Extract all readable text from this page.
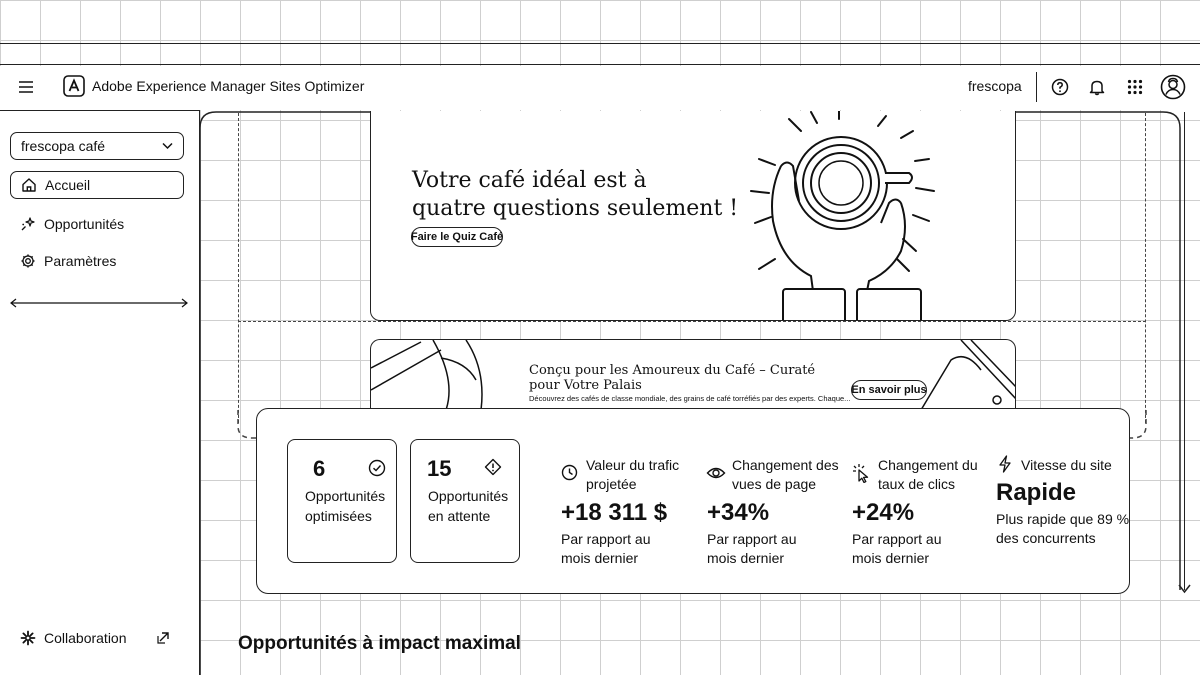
Adobe Experience Manager Sites Optimizer	frescopa
frescopa café
Accueil
Opportunités
Paramètres
Collaboration
Votre café idéal est à
quatre questions seulement !
Faire le Quiz Café
Conçu pour les Amoureux du Café – Curaté
pour Votre Palais
Découvrez des cafés de classe mondiale, des grains de café torréfiés par des experts. Chaque...
En savoir plus
6
Opportunités
optimisées
15
Opportunités
en attente
Valeur du trafic
projetée
+18 311 $
Par rapport au
mois dernier
Changement des
vues de page
+34%
Par rapport au
mois dernier
Changement du
taux de clics
+24%
Par rapport au
mois dernier
Vitesse du site
Rapide
Plus rapide que 89 %
des concurrents
Opportunités à impact maximal
